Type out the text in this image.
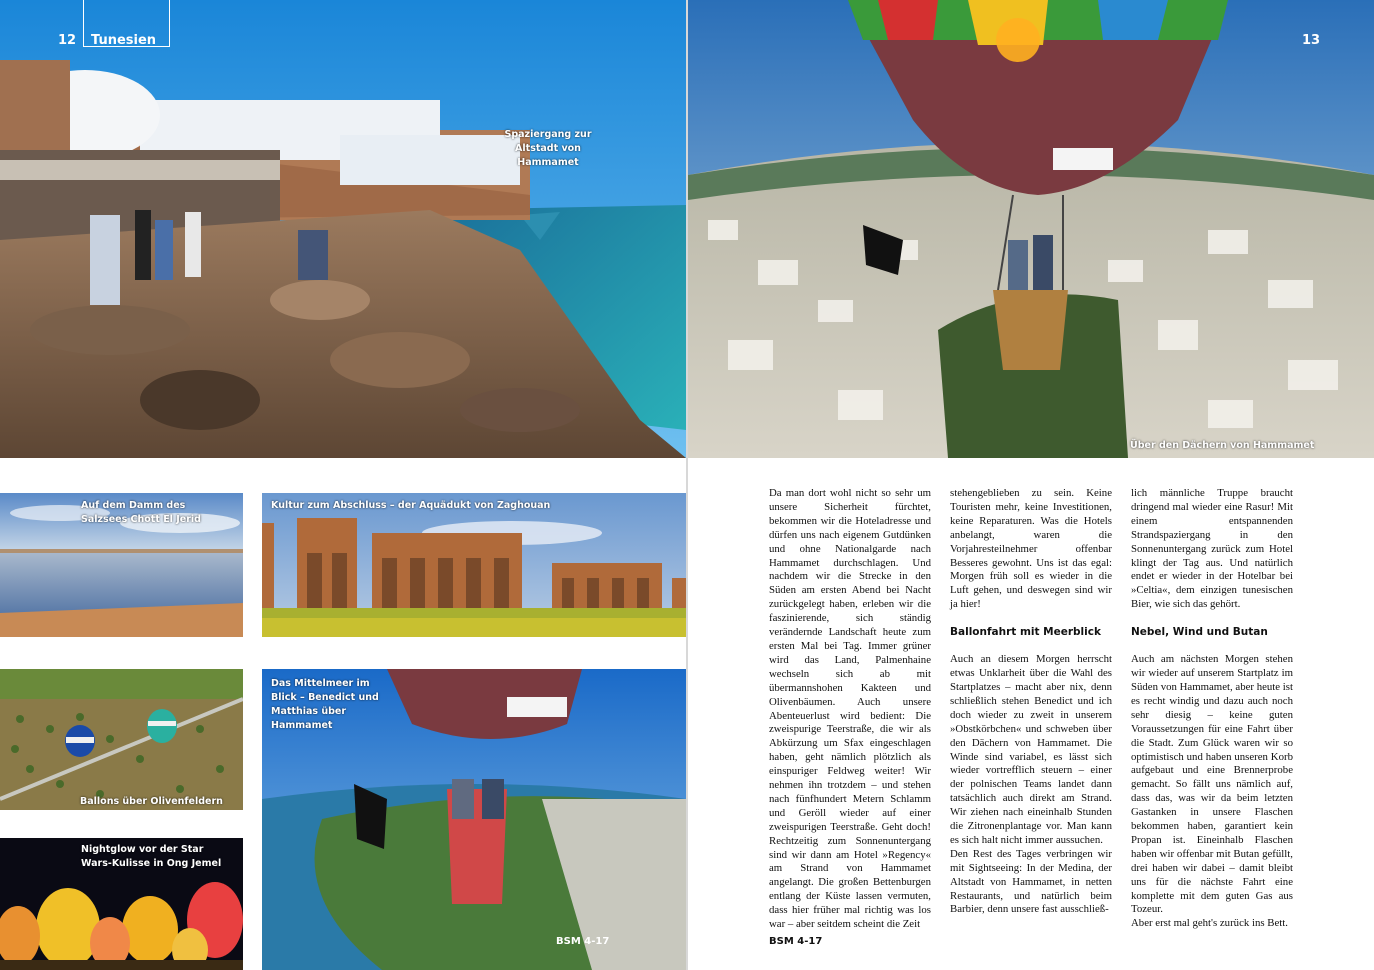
12 Tunesien	13
Spaziergang zur Altstadt von Hammamet
Über den Dächern von Hammamet
Auf dem Damm des Salzsees Chott El Jerid
Kultur zum Abschluss – der Aquädukt von Zaghouan
Ballons über Olivenfeldern
Das Mittelmeer im Blick – Benedict und Matthias über Hammamet
Nightglow vor der Star Wars-Kulisse in Ong Jemel
BSM 4-17

Da man dort wohl nicht so sehr um unsere Sicherheit fürchtet, bekommen wir die Hoteladresse und dürfen uns nach eigenem Gutdünken und ohne Nationalgarde nach Hammamet durchschlagen. Und nachdem wir die Strecke in den Süden am ersten Abend bei Nacht zurückgelegt haben, erleben wir die faszinierende, sich ständig verändernde Landschaft heute zum ersten Mal bei Tag. Immer grüner wird das Land, Palmenhaine wechseln sich ab mit übermannshohen Kakteen und Olivenbäumen. Auch unsere Abenteuerlust wird bedient: Die zweispurige Teerstraße, die wir als Abkürzung um Sfax eingeschlagen haben, geht nämlich plötzlich als einspuriger Feldweg weiter! Wir nehmen ihn trotzdem – und stehen nach fünfhundert Metern Schlamm und Geröll wieder auf einer zweispurigen Teerstraße. Geht doch! Rechtzeitig zum Sonnenuntergang sind wir dann am Hotel »Regency« am Strand von Hammamet angelangt. Die großen Bettenburgen entlang der Küste lassen vermuten, dass hier früher mal richtig was los war – aber seitdem scheint die Zeit

stehengeblieben zu sein. Keine Touristen mehr, keine Investitionen, keine Reparaturen. Was die Hotels anbelangt, waren die Vorjahresteilnehmer offenbar Besseres gewohnt. Uns ist das egal: Morgen früh soll es wieder in die Luft gehen, und deswegen sind wir ja hier!

Ballonfahrt mit Meerblick

Auch an diesem Morgen herrscht etwas Unklarheit über die Wahl des Startplatzes – macht aber nix, denn schließlich stehen Benedict und ich doch wieder zu zweit in unserem »Obstkörbchen« und schweben über den Dächern von Hammamet. Die Winde sind variabel, es lässt sich wieder vortrefflich steuern – einer der polnischen Teams landet dann tatsächlich auch direkt am Strand. Wir ziehen nach eineinhalb Stunden die Zitronenplantage vor. Man kann es sich halt nicht immer aussuchen.

Den Rest des Tages verbringen wir mit Sightseeing: In der Medina, der Altstadt von Hammamet, in netten Restaurants, und natürlich beim Barbier, denn unsere fast ausschließ-

lich männliche Truppe braucht dringend mal wieder eine Rasur! Mit einem entspannenden Strandspaziergang in den Sonnenuntergang zurück zum Hotel klingt der Tag aus. Und natürlich endet er wieder in der Hotelbar bei »Celtia«, dem einzigen tunesischen Bier, wie sich das gehört.

Nebel, Wind und Butan

Auch am nächsten Morgen stehen wir wieder auf unserem Startplatz im Süden von Hammamet, aber heute ist es recht windig und dazu auch noch sehr diesig – keine guten Voraussetzungen für eine Fahrt über die Stadt. Zum Glück waren wir so optimistisch und haben unseren Korb aufgebaut und eine Brennerprobe gemacht. So fällt uns nämlich auf, dass das, was wir da beim letzten Gastanken in unsere Flaschen bekommen haben, garantiert kein Propan ist. Eineinhalb Flaschen haben wir offenbar mit Butan gefüllt, drei haben wir dabei – damit bleibt uns für die nächste Fahrt eine komplette mit dem guten Gas aus Tozeur.

Aber erst mal geht's zurück ins Bett.

BSM 4-17
